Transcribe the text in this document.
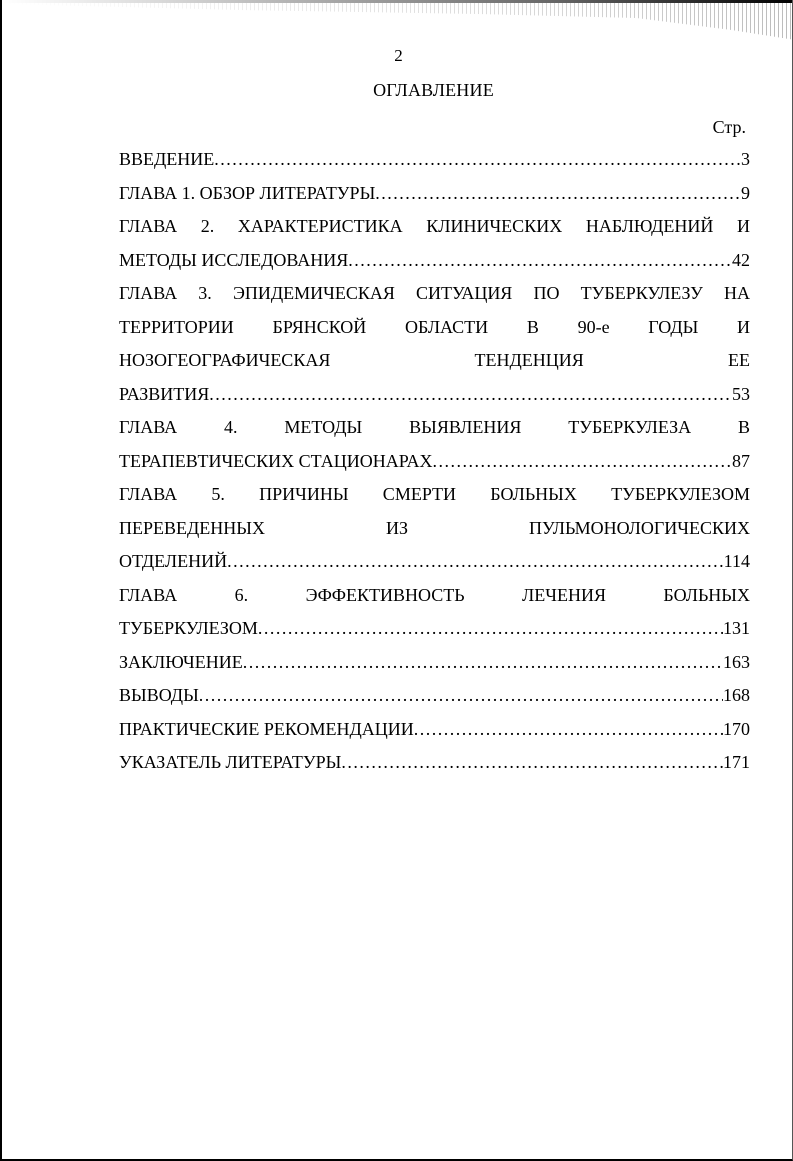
2
ОГЛАВЛЕНИЕ
Стр.
ВВЕДЕНИЕ .....	3
ГЛАВА 1. ОБЗОР ЛИТЕРАТУРЫ .....	9
ГЛАВА 2. ХАРАКТЕРИСТИКА КЛИНИЧЕСКИХ НАБЛЮДЕНИЙ И
МЕТОДЫ ИССЛЕДОВАНИЯ .....	42
ГЛАВА 3. ЭПИДЕМИЧЕСКАЯ СИТУАЦИЯ ПО ТУБЕРКУЛЕЗУ НА
ТЕРРИТОРИИ БРЯНСКОЙ ОБЛАСТИ В 90-е ГОДЫ И
НОЗОГЕОГРАФИЧЕСКАЯ ТЕНДЕНЦИЯ ЕЕ
РАЗВИТИЯ .....	53
ГЛАВА 4. МЕТОДЫ ВЫЯВЛЕНИЯ ТУБЕРКУЛЕЗА В
ТЕРАПЕВТИЧЕСКИХ СТАЦИОНАРАХ .....	87
ГЛАВА 5. ПРИЧИНЫ СМЕРТИ БОЛЬНЫХ ТУБЕРКУЛЕЗОМ
ПЕРЕВЕДЕННЫХ ИЗ ПУЛЬМОНОЛОГИЧЕСКИХ
ОТДЕЛЕНИЙ .....	114
ГЛАВА 6. ЭФФЕКТИВНОСТЬ ЛЕЧЕНИЯ БОЛЬНЫХ
ТУБЕРКУЛЕЗОМ .....	131
ЗАКЛЮЧЕНИЕ .....	163
ВЫВОДЫ .....	168
ПРАКТИЧЕСКИЕ РЕКОМЕНДАЦИИ .....	170
УКАЗАТЕЛЬ ЛИТЕРАТУРЫ .....	171
